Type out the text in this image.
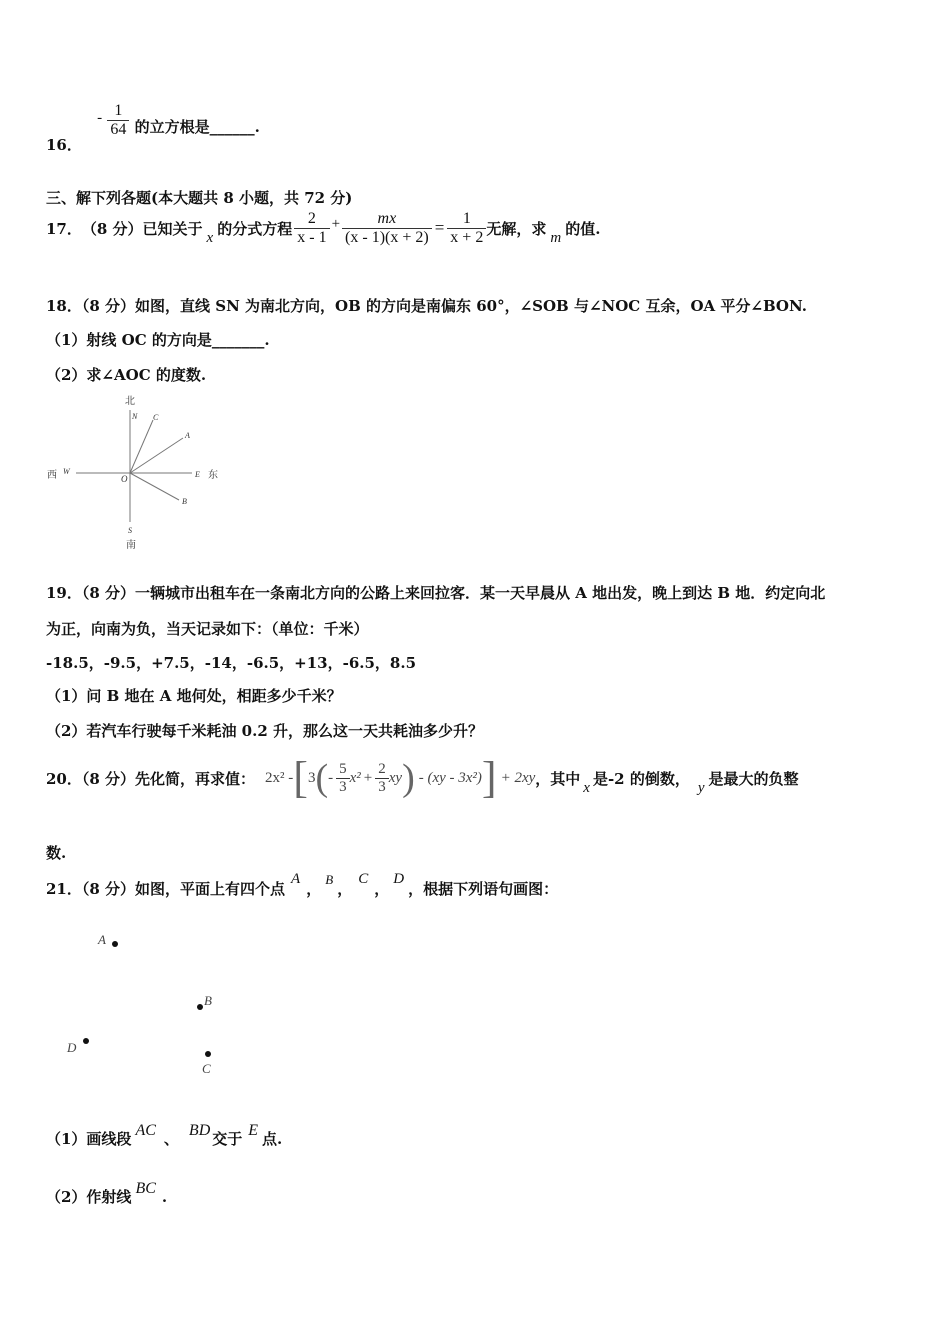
16． - $\frac{1}{64}$ 的立方根是______.
三、解下列各题(本大题共 8 小题，共 72 分)
17． （8 分）已知关于 x 的分式方程 $\frac{2}{x - 1} + \frac{mx}{(x - 1)(x + 2)} = \frac{1}{x + 2}$ 无解，求 m 的值.
18．（8 分）如图，直线 SN 为南北方向，OB 的方向是南偏东 60°，∠SOB 与∠NOC 互余，OA 平分∠BON.
（1）射线 OC 的方向是_______.
（2）求∠AOC 的度数.
北
N C
A
西 W
O	E 东
B
S
南
19．（8 分）一辆城市出租车在一条南北方向的公路上来回拉客．某一天早晨从 A 地出发，晚上到达 B 地．约定向北
为正，向南为负，当天记录如下：（单位：千米）
-18.5，-9.5，+7.5，-14，-6.5，+13，-6.5，8.5
（1）问 B 地在 A 地何处，相距多少千米？
（2）若汽车行驶每千米耗油 0.2 升，那么这一天共耗油多少升？
20．（8 分）先化简，再求值： 2x² - [ 3 ( - $\frac{5}{3} x^2 + \frac{2}{3}$ xy ) - (xy - 3x²) ] + 2xy ，其中 x 是-2 的倒数， y 是最大的负整
数.
21．（8 分）如图，平面上有四个点
A
，
B
，
C
，
D
，根据下列语句画图：
A
B
D
C
（1）画线段 AC 、 BD 交于 E 点.
（2）作射线 BC .
